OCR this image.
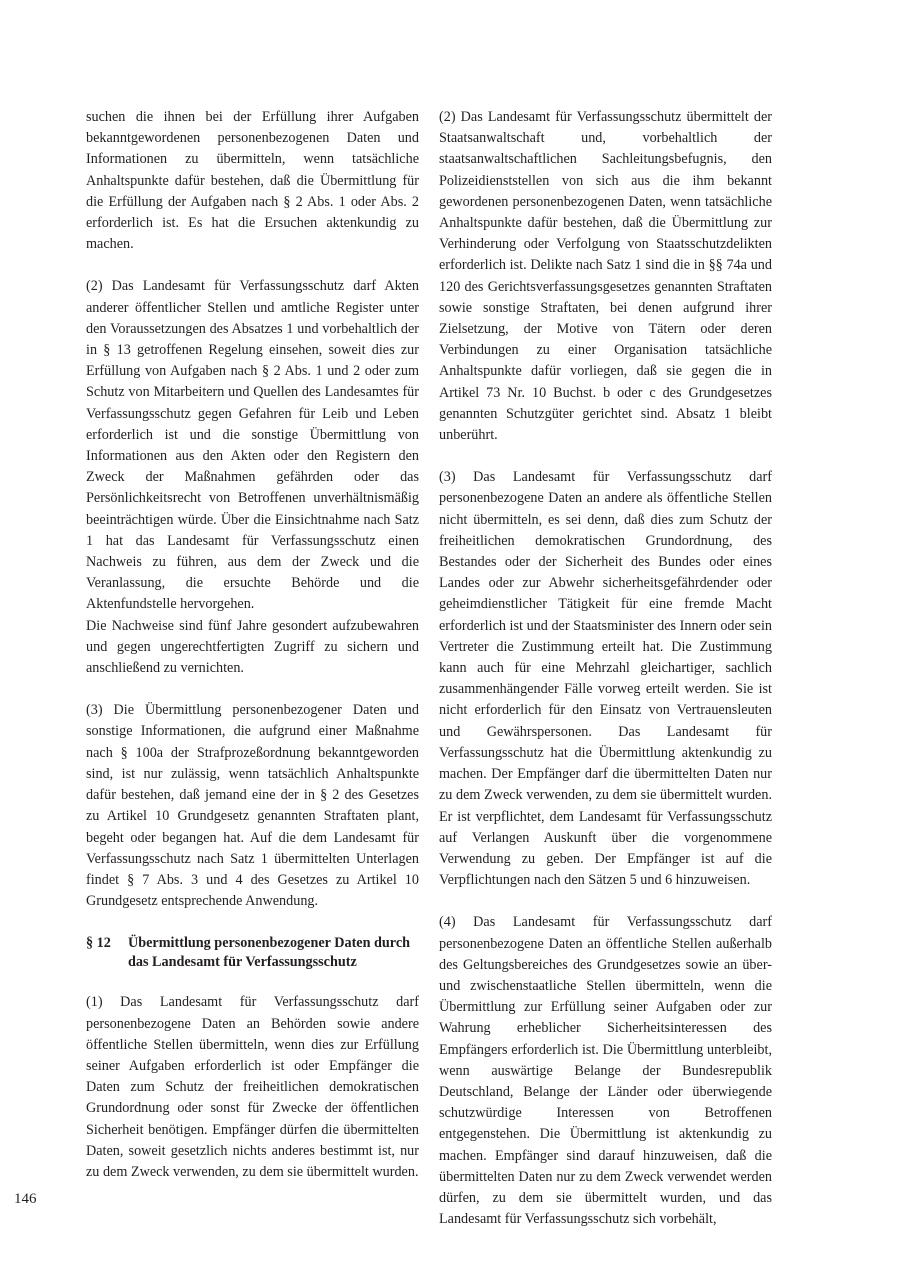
suchen die ihnen bei der Erfüllung ihrer Aufgaben bekanntgewordenen personenbezogenen Daten und Informationen zu übermitteln, wenn tatsächliche Anhaltspunkte dafür bestehen, daß die Übermittlung für die Erfüllung der Aufgaben nach § 2 Abs. 1 oder Abs. 2 erforderlich ist. Es hat die Ersuchen aktenkundig zu machen.

(2) Das Landesamt für Verfassungsschutz darf Akten anderer öffentlicher Stellen und amtliche Register unter den Voraussetzungen des Absatzes 1 und vorbehaltlich der in § 13 getroffenen Regelung einsehen, soweit dies zur Erfüllung von Aufgaben nach § 2 Abs. 1 und 2 oder zum Schutz von Mitarbeitern und Quellen des Landesamtes für Verfassungsschutz gegen Gefahren für Leib und Leben erforderlich ist und die sonstige Übermittlung von Informationen aus den Akten oder den Registern den Zweck der Maßnahmen gefährden oder das Persönlichkeitsrecht von Betroffenen unverhältnismäßig beeinträchtigen würde. Über die Einsichtnahme nach Satz 1 hat das Landesamt für Verfassungsschutz einen Nachweis zu führen, aus dem der Zweck und die Veranlassung, die ersuchte Behörde und die Aktenfundstelle hervorgehen.

Die Nachweise sind fünf Jahre gesondert aufzubewahren und gegen ungerechtfertigten Zugriff zu sichern und anschließend zu vernichten.

(3) Die Übermittlung personenbezogener Daten und sonstige Informationen, die aufgrund einer Maßnahme nach § 100a der Strafprozeßordnung bekanntgeworden sind, ist nur zulässig, wenn tatsächlich Anhaltspunkte dafür bestehen, daß jemand eine der in § 2 des Gesetzes zu Artikel 10 Grundgesetz genannten Straftaten plant, begeht oder begangen hat. Auf die dem Landesamt für Verfassungsschutz nach Satz 1 übermittelten Unterlagen findet § 7 Abs. 3 und 4 des Gesetzes zu Artikel 10 Grundgesetz entsprechende Anwendung.

§ 12	Übermittlung personenbezogener Daten durch das Landesamt für Verfassungsschutz

(1) Das Landesamt für Verfassungsschutz darf personenbezogene Daten an Behörden sowie andere öffentliche Stellen übermitteln, wenn dies zur Erfüllung seiner Aufgaben erforderlich ist oder Empfänger die Daten zum Schutz der freiheitlichen demokratischen Grundordnung oder sonst für Zwecke der öffentlichen Sicherheit benötigen. Empfänger dürfen die übermittelten Daten, soweit gesetzlich nichts anderes bestimmt ist, nur zu dem Zweck verwenden, zu dem sie übermittelt wurden.

(2) Das Landesamt für Verfassungsschutz übermittelt der Staatsanwaltschaft und, vorbehaltlich der staatsanwaltschaftlichen Sachleitungsbefugnis, den Polizeidienststellen von sich aus die ihm bekannt gewordenen personenbezogenen Daten, wenn tatsächliche Anhaltspunkte dafür bestehen, daß die Übermittlung zur Verhinderung oder Verfolgung von Staatsschutzdelikten erforderlich ist. Delikte nach Satz 1 sind die in §§ 74a und 120 des Gerichtsverfassungsgesetzes genannten Straftaten sowie sonstige Straftaten, bei denen aufgrund ihrer Zielsetzung, der Motive von Tätern oder deren Verbindungen zu einer Organisation tatsächliche Anhaltspunkte dafür vorliegen, daß sie gegen die in Artikel 73 Nr. 10 Buchst. b oder c des Grundgesetzes genannten Schutzgüter gerichtet sind. Absatz 1 bleibt unberührt.

(3) Das Landesamt für Verfassungsschutz darf personenbezogene Daten an andere als öffentliche Stellen nicht übermitteln, es sei denn, daß dies zum Schutz der freiheitlichen demokratischen Grundordnung, des Bestandes oder der Sicherheit des Bundes oder eines Landes oder zur Abwehr sicherheitsgefährdender oder geheimdienstlicher Tätigkeit für eine fremde Macht erforderlich ist und der Staatsminister des Innern oder sein Vertreter die Zustimmung erteilt hat. Die Zustimmung kann auch für eine Mehrzahl gleichartiger, sachlich zusammenhängender Fälle vorweg erteilt werden. Sie ist nicht erforderlich für den Einsatz von Vertrauensleuten und Gewährspersonen. Das Landesamt für Verfassungsschutz hat die Übermittlung aktenkundig zu machen. Der Empfänger darf die übermittelten Daten nur zu dem Zweck verwenden, zu dem sie übermittelt wurden. Er ist verpflichtet, dem Landesamt für Verfassungsschutz auf Verlangen Auskunft über die vorgenommene Verwendung zu geben. Der Empfänger ist auf die Verpflichtungen nach den Sätzen 5 und 6 hinzuweisen.

(4) Das Landesamt für Verfassungsschutz darf personenbezogene Daten an öffentliche Stellen außerhalb des Geltungsbereiches des Grundgesetzes sowie an über- und zwischenstaatliche Stellen übermitteln, wenn die Übermittlung zur Erfüllung seiner Aufgaben oder zur Wahrung erheblicher Sicherheitsinteressen des Empfängers erforderlich ist. Die Übermittlung unterbleibt, wenn auswärtige Belange der Bundesrepublik Deutschland, Belange der Länder oder überwiegende schutzwürdige Interessen von Betroffenen entgegenstehen. Die Übermittlung ist aktenkundig zu machen. Empfänger sind darauf hinzuweisen, daß die übermittelten Daten nur zu dem Zweck verwendet werden dürfen, zu dem sie übermittelt wurden, und das Landesamt für Verfassungsschutz sich vorbehält,

146
